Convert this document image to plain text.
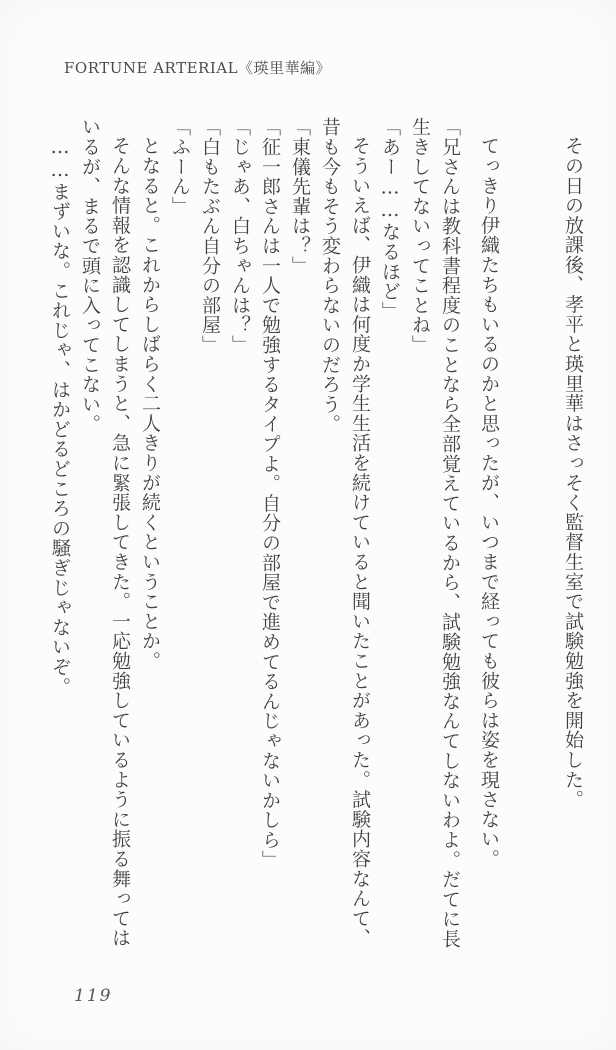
FORTUNE ARTERIAL《瑛里華編》

その日の放課後、孝平と瑛里華はさっそく監督生室で試験勉強を開始した。

てっきり伊織たちもいるのかと思ったが、いつまで経っても彼らは姿を現さない。

「兄さんは教科書程度のことなら全部覚えているから、試験勉強なんてしないわよ。だてに長生きしてないってことね」

「あー……なるほど」

そういえば、伊織は何度か学生生活を続けていると聞いたことがあった。試験内容なんて、昔も今もそう変わらないのだろう。

「東儀先輩は？」

「征一郎さんは一人で勉強するタイプよ。自分の部屋で進めてるんじゃないかしら」

「じゃあ、白ちゃんは？」

「白もたぶん自分の部屋」

「ふーん」

となると。これからしばらく二人きりが続くということか。

そんな情報を認識してしまうと、急に緊張してきた。一応勉強しているように振る舞ってはいるが、まるで頭に入ってこない。

……まずいな。これじゃ、はかどるどころの騒ぎじゃないぞ。

119
